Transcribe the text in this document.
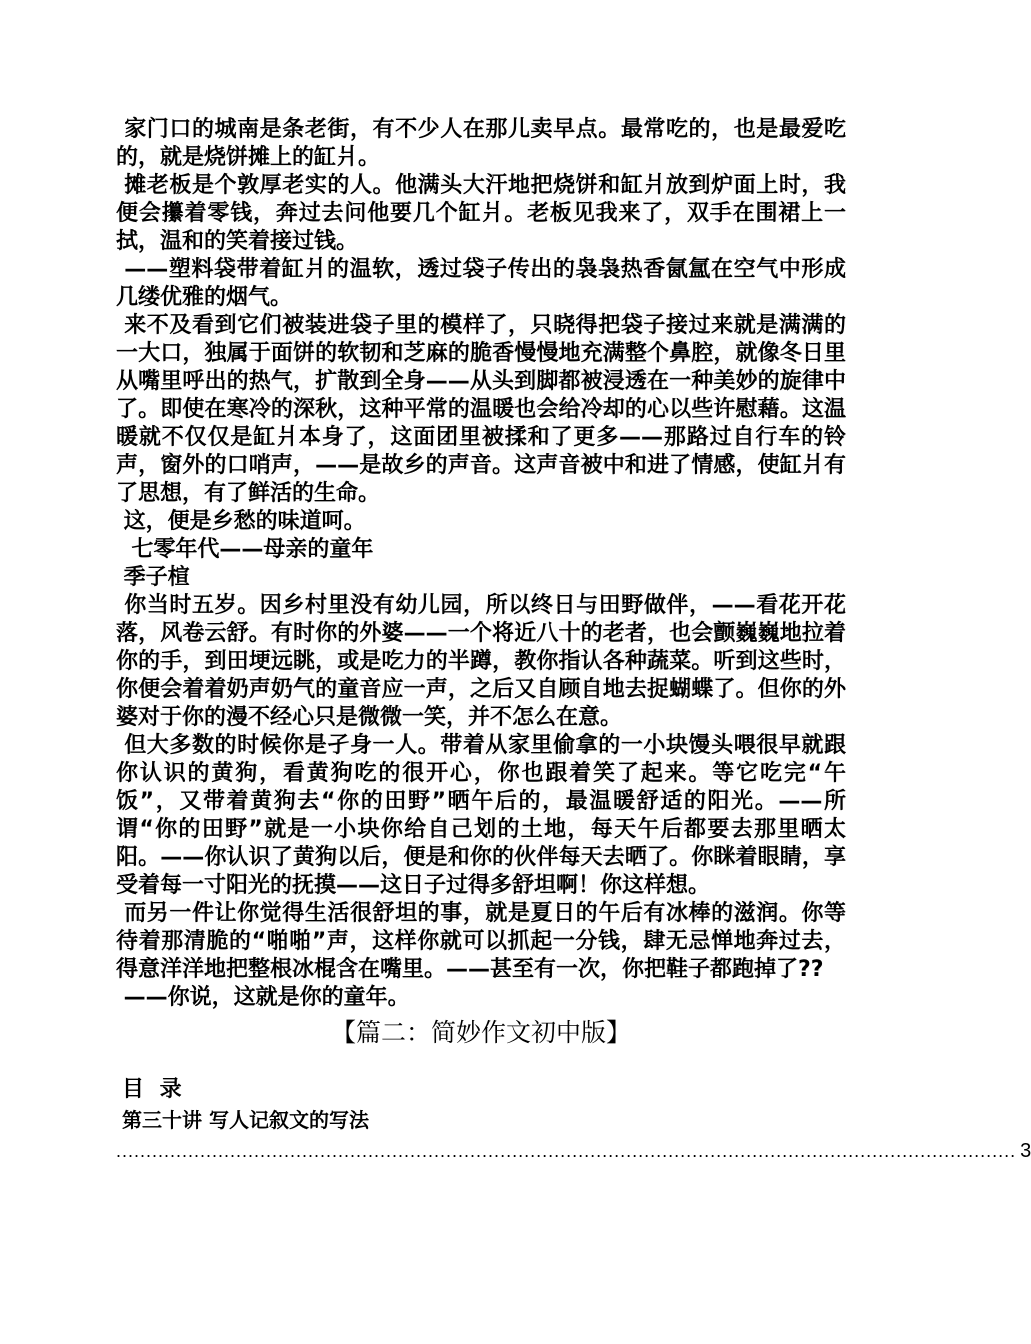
家门口的城南是条老街，有不少人在那儿卖早点。最常吃的，也是最爱吃的，就是烧饼摊上的缸爿。

摊老板是个敦厚老实的人。他满头大汗地把烧饼和缸爿放到炉面上时，我便会攥着零钱，奔过去问他要几个缸爿。老板见我来了，双手在围裙上一拭，温和的笑着接过钱。

——塑料袋带着缸爿的温软，透过袋子传出的袅袅热香氤氲在空气中形成几缕优雅的烟气。

来不及看到它们被装进袋子里的模样了，只晓得把袋子接过来就是满满的一大口，独属于面饼的软韧和芝麻的脆香慢慢地充满整个鼻腔，就像冬日里从嘴里呼出的热气，扩散到全身——从头到脚都被浸透在一种美妙的旋律中了。即使在寒冷的深秋，这种平常的温暖也会给冷却的心以些许慰藉。这温暖就不仅仅是缸爿本身了，这面团里被揉和了更多——那路过自行车的铃声，窗外的口哨声，——是故乡的声音。这声音被中和进了情感，使缸爿有了思想，有了鲜活的生命。

这，便是乡愁的味道呵。

七零年代——母亲的童年

季子楦

你当时五岁。因乡村里没有幼儿园，所以终日与田野做伴，——看花开花落，风卷云舒。有时你的外婆——一个将近八十的老者，也会颤巍巍地拉着你的手，到田埂远眺，或是吃力的半蹲，教你指认各种蔬菜。听到这些时，你便会着着奶声奶气的童音应一声，之后又自顾自地去捉蝴蝶了。但你的外婆对于你的漫不经心只是微微一笑，并不怎么在意。

但大多数的时候你是孑身一人。带着从家里偷拿的一小块馒头喂很早就跟你认识的黄狗，看黄狗吃的很开心，你也跟着笑了起来。等它吃完“午饭”，又带着黄狗去“你的田野”晒午后的，最温暖舒适的阳光。——所谓“你的田野”就是一小块你给自己划的土地，每天午后都要去那里晒太阳。——你认识了黄狗以后，便是和你的伙伴每天去晒了。你眯着眼睛，享受着每一寸阳光的抚摸——这日子过得多舒坦啊！你这样想。

而另一件让你觉得生活很舒坦的事，就是夏日的午后有冰棒的滋润。你等待着那清脆的“啪啪”声，这样你就可以抓起一分钱，肆无忌惮地奔过去，得意洋洋地把整根冰棍含在嘴里。——甚至有一次，你把鞋子都跑掉了??

——你说，这就是你的童年。

【篇二：简妙作文初中版】
目 录
第三十讲 写人记叙文的写法
...................................................................................................................................................... 3
